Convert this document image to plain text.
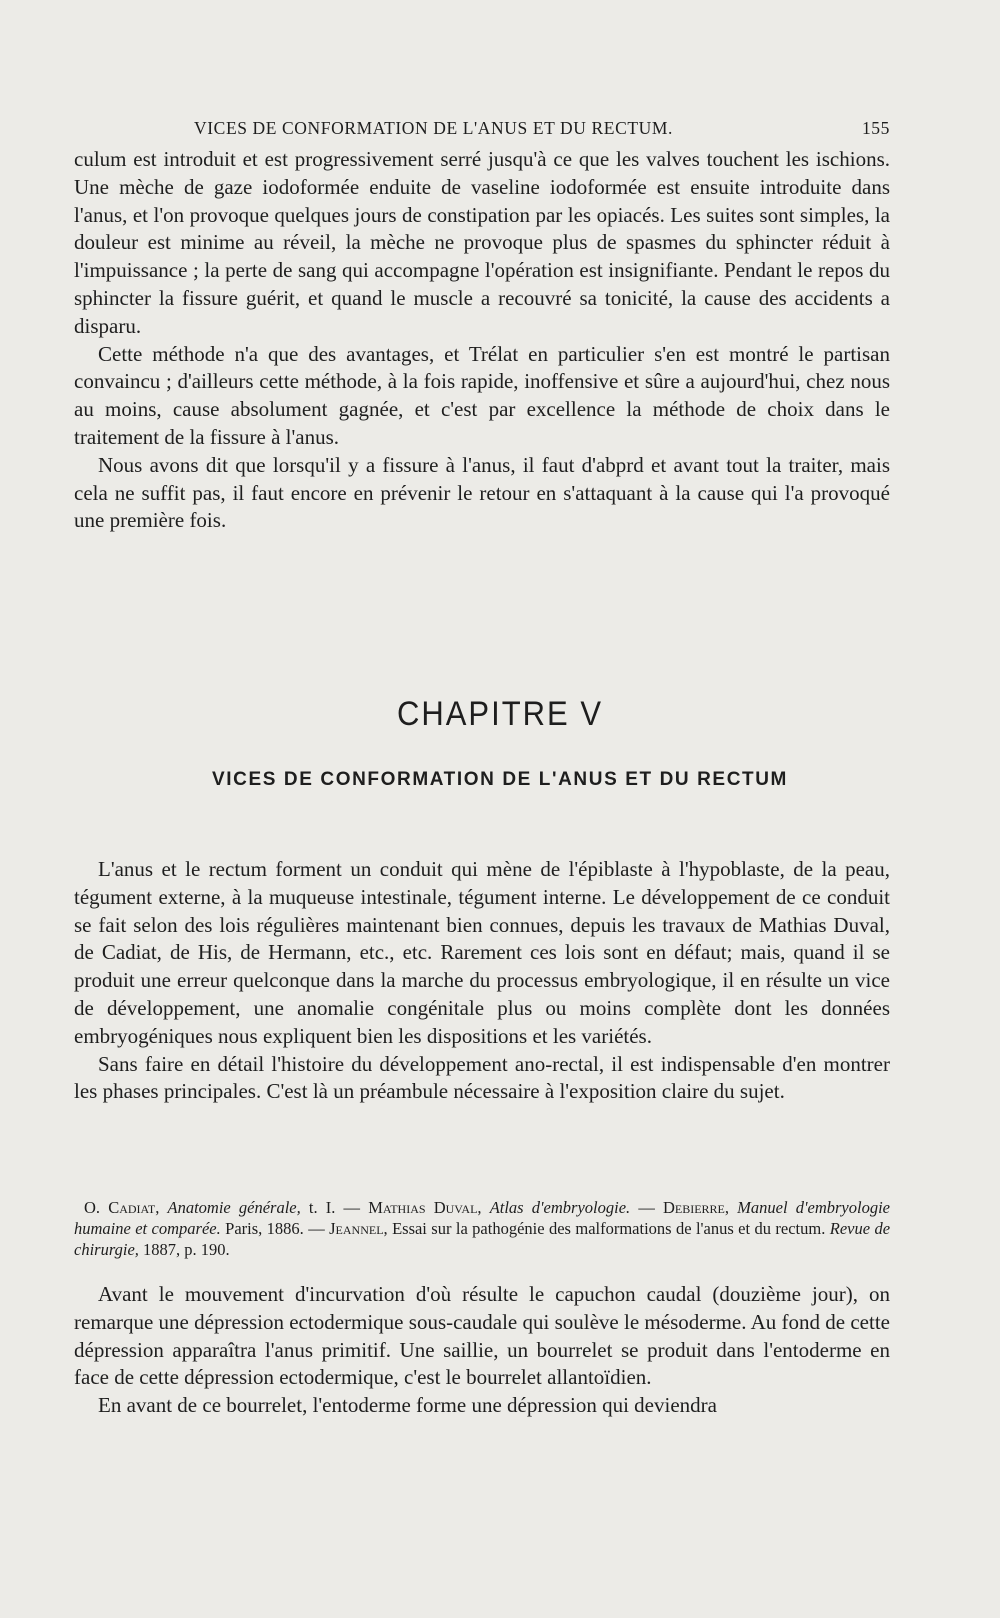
VICES DE CONFORMATION DE L'ANUS ET DU RECTUM.	155

culum est introduit et est progressivement serré jusqu'à ce que les valves touchent les ischions. Une mèche de gaze iodoformée enduite de vaseline iodoformée est ensuite introduite dans l'anus, et l'on provoque quelques jours de constipation par les opiacés. Les suites sont simples, la douleur est minime au réveil, la mèche ne provoque plus de spasmes du sphincter réduit à l'impuissance ; la perte de sang qui accompagne l'opération est insignifiante. Pendant le repos du sphincter la fissure guérit, et quand le muscle a recouvré sa tonicité, la cause des accidents a disparu.

Cette méthode n'a que des avantages, et Trélat en particulier s'en est montré le partisan convaincu ; d'ailleurs cette méthode, à la fois rapide, inoffensive et sûre a aujourd'hui, chez nous au moins, cause absolument gagnée, et c'est par excellence la méthode de choix dans le traitement de la fissure à l'anus.

Nous avons dit que lorsqu'il y a fissure à l'anus, il faut d'abprd et avant tout la traiter, mais cela ne suffit pas, il faut encore en prévenir le retour en s'attaquant à la cause qui l'a provoqué une première fois.

CHAPITRE V
VICES DE CONFORMATION DE L'ANUS ET DU RECTUM

L'anus et le rectum forment un conduit qui mène de l'épiblaste à l'hypoblaste, de la peau, tégument externe, à la muqueuse intestinale, tégument interne. Le développement de ce conduit se fait selon des lois régulières maintenant bien connues, depuis les travaux de Mathias Duval, de Cadiat, de His, de Hermann, etc., etc. Rarement ces lois sont en défaut; mais, quand il se produit une erreur quelconque dans la marche du processus embryologique, il en résulte un vice de développement, une anomalie congénitale plus ou moins complète dont les données embryogéniques nous expliquent bien les dispositions et les variétés.

Sans faire en détail l'histoire du développement ano-rectal, il est indispensable d'en montrer les phases principales. C'est là un préambule nécessaire à l'exposition claire du sujet.

O. Cadiat, Anatomie générale, t. I. — Mathias Duval, Atlas d'embryologie. — Debierre, Manuel d'embryologie humaine et comparée. Paris, 1886. — Jeannel, Essai sur la pathogénie des malformations de l'anus et du rectum. Revue de chirurgie, 1887, p. 190.

Avant le mouvement d'incurvation d'où résulte le capuchon caudal (douzième jour), on remarque une dépression ectodermique sous-caudale qui soulève le mésoderme. Au fond de cette dépression apparaîtra l'anus primitif. Une saillie, un bourrelet se produit dans l'entoderme en face de cette dépression ectodermique, c'est le bourrelet allantoïdien.

En avant de ce bourrelet, l'entoderme forme une dépression qui deviendra
